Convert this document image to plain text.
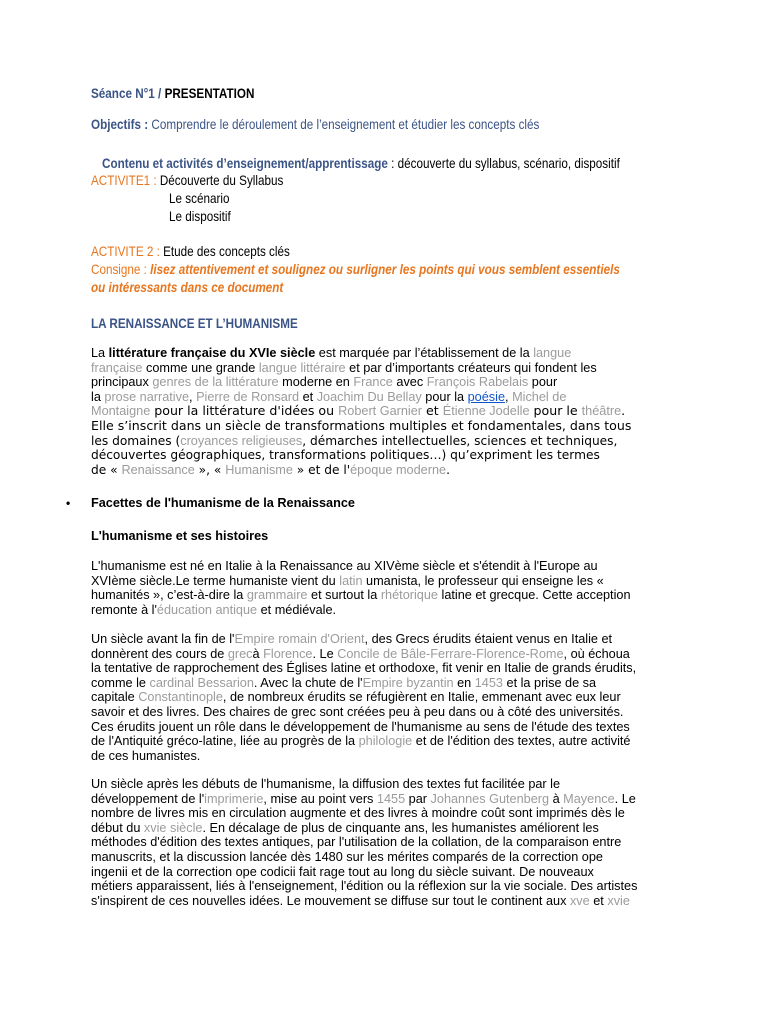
Séance N°1 / PRESENTATION
Objectifs : Comprendre le déroulement de l’enseignement et étudier les concepts clés
Contenu et activités d’enseignement/apprentissage : découverte du syllabus, scénario, dispositif
ACTIVITE1 : Découverte du Syllabus
Le scénario
Le dispositif
ACTIVITE 2 : Etude des concepts clés
Consigne : lisez attentivement et soulignez ou surligner les points qui vous semblent essentiels
ou intéressants dans ce document
LA RENAISSANCE ET L’HUMANISME
La littérature française du XVIe siècle est marquée par l’établissement de la langue
française comme une grande langue littéraire et par d’importants créateurs qui fondent les
principaux genres de la littérature moderne en France avec François Rabelais pour
la prose narrative, Pierre de Ronsard et Joachim Du Bellay pour la poésie, Michel de
Montaigne pour la littérature d'idées ou Robert Garnier et Étienne Jodelle pour le théâtre.
Elle s’inscrit dans un siècle de transformations multiples et fondamentales, dans tous
les domaines (croyances religieuses, démarches intellectuelles, sciences et techniques,
découvertes géographiques, transformations politiques…) qu’expriment les termes
de « Renaissance », « Humanisme » et de l'époque moderne.
• Facettes de l'humanisme de la Renaissance
L'humanisme et ses histoires
L'humanisme est né en Italie à la Renaissance au XIVème siècle et s'étendit à l'Europe au
XVIème siècle.Le terme humaniste vient du latin umanista, le professeur qui enseigne les «
humanités », c’est-à-dire la grammaire et surtout la rhétorique latine et grecque. Cette acception
remonte à l'éducation antique et médiévale.
Un siècle avant la fin de l'Empire romain d'Orient, des Grecs érudits étaient venus en Italie et
donnèrent des cours de grecà Florence. Le Concile de Bâle-Ferrare-Florence-Rome, où échoua
la tentative de rapprochement des Églises latine et orthodoxe, fit venir en Italie de grands érudits,
comme le cardinal Bessarion. Avec la chute de l'Empire byzantin en 1453 et la prise de sa
capitale Constantinople, de nombreux érudits se réfugièrent en Italie, emmenant avec eux leur
savoir et des livres. Des chaires de grec sont créées peu à peu dans ou à côté des universités.
Ces érudits jouent un rôle dans le développement de l'humanisme au sens de l'étude des textes
de l'Antiquité gréco-latine, liée au progrès de la philologie et de l'édition des textes, autre activité
de ces humanistes.
Un siècle après les débuts de l'humanisme, la diffusion des textes fut facilitée par le
développement de l'imprimerie, mise au point vers 1455 par Johannes Gutenberg à Mayence. Le
nombre de livres mis en circulation augmente et des livres à moindre coût sont imprimés dès le
début du xvie siècle. En décalage de plus de cinquante ans, les humanistes améliorent les
méthodes d'édition des textes antiques, par l'utilisation de la collation, de la comparaison entre
manuscrits, et la discussion lancée dès 1480 sur les mérites comparés de la correction ope
ingenii et de la correction ope codicii fait rage tout au long du siècle suivant. De nouveaux
métiers apparaissent, liés à l'enseignement, l'édition ou la réflexion sur la vie sociale. Des artistes
s'inspirent de ces nouvelles idées. Le mouvement se diffuse sur tout le continent aux xve et xvie
